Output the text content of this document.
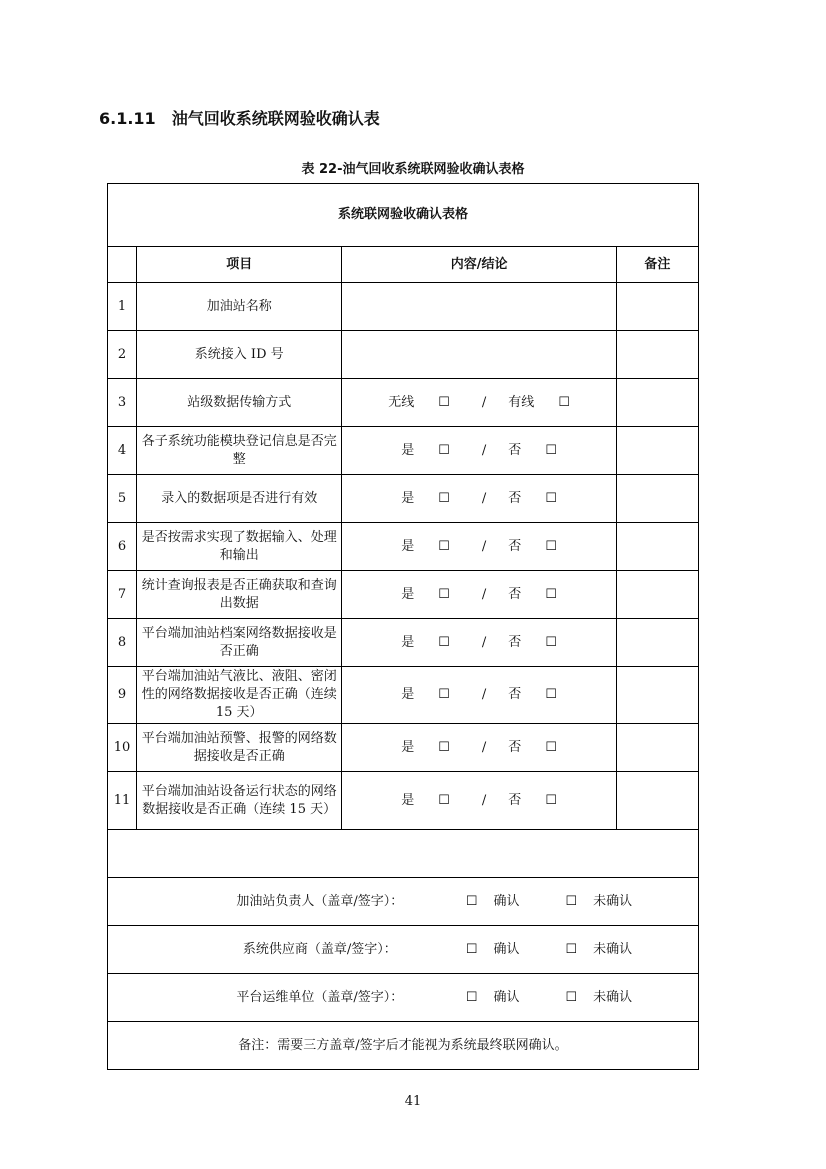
6.1.11 油气回收系统联网验收确认表
表 22-油气回收系统联网验收确认表格
系统联网验收确认表格			
	项目	内容/结论	备注
1	加油站名称		
2	系统接入 ID 号		
3	站级数据传输方式	无线 ☐ / 有线 ☐	
4	各子系统功能模块登记信息是否完整	是 ☐ / 否 ☐	
5	录入的数据项是否进行有效	是 ☐ / 否 ☐	
6	是否按需求实现了数据输入、处理和输出	是 ☐ / 否 ☐	
7	统计查询报表是否正确获取和查询出数据	是 ☐ / 否 ☐	
8	平台端加油站档案网络数据接收是否正确	是 ☐ / 否 ☐	
9	平台端加油站气液比、液阻、密闭性的网络数据接收是否正确（连续 15 天）	是 ☐ / 否 ☐	
10	平台端加油站预警、报警的网络数据接收是否正确	是 ☐ / 否 ☐	
11	平台端加油站设备运行状态的网络数据接收是否正确（连续 15 天）	是 ☐ / 否 ☐	

加油站负责人（盖章/签字）： ☐ 确认 ☐ 未确认			
系统供应商（盖章/签字）： ☐ 确认 ☐ 未确认			
平台运维单位（盖章/签字）： ☐ 确认 ☐ 未确认			
备注：需要三方盖章/签字后才能视为系统最终联网确认。			
41
